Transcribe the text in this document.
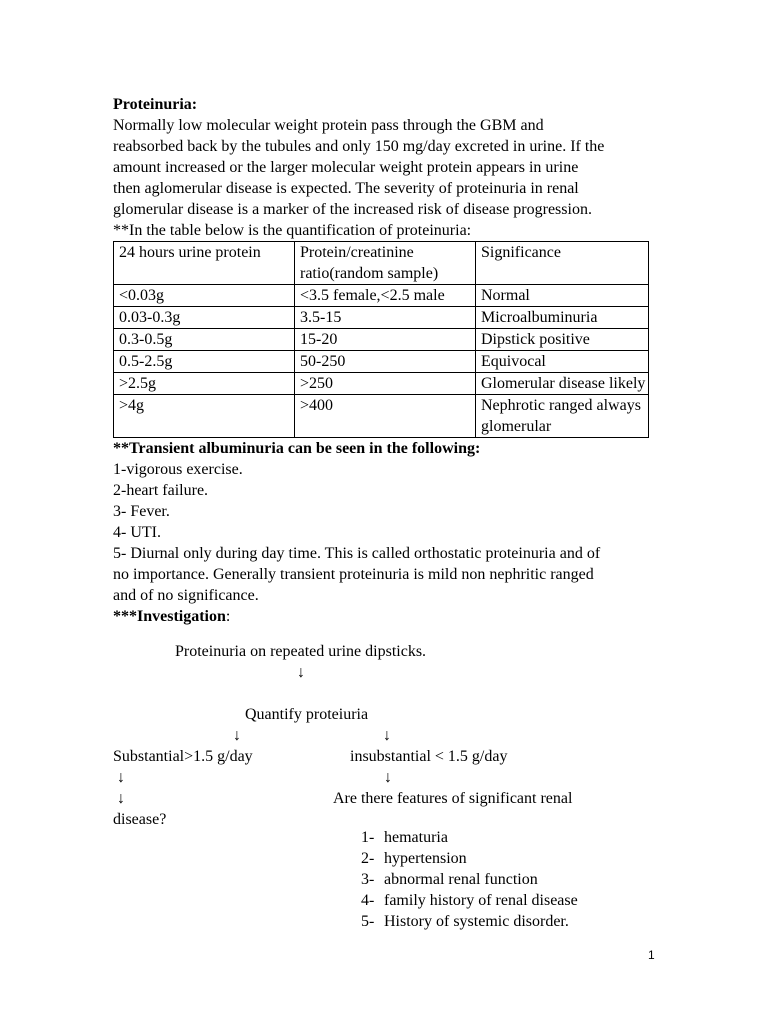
Proteinuria:

Normally low molecular weight protein pass through the GBM and

reabsorbed back by the tubules and only 150 mg/day excreted in urine. If the

amount increased or the larger molecular weight protein appears in urine

then aglomerular disease is expected. The severity of proteinuria in renal

glomerular disease is a marker of the increased risk of disease progression.

**In the table below is the quantification of proteinuria:

24 hours urine protein	Protein/creatinine ratio(random sample)	Significance
<0.03g	<3.5 female,<2.5 male	Normal
0.03-0.3g	3.5-15	Microalbuminuria
0.3-0.5g	15-20	Dipstick positive
0.5-2.5g	50-250	Equivocal
>2.5g	>250	Glomerular disease likely
>4g	>400	Nephrotic ranged always glomerular

**Transient albuminuria can be seen in the following:

1-vigorous exercise.

2-heart failure.

3- Fever.

4- UTI.

5- Diurnal only during day time. This is called orthostatic proteinuria and of

no importance. Generally transient proteinuria is mild non nephritic ranged

and of no significance.

***Investigation:

Proteinuria on repeated urine dipsticks.
↓
Quantify proteiuria
↓	↓
Substantial>1.5 g/day	insubstantial < 1.5 g/day
↓	↓
↓	Are there features of significant renal
disease?
1- hematuria
2- hypertension
3- abnormal renal function
4- family history of renal disease
5- History of systemic disorder.
1
